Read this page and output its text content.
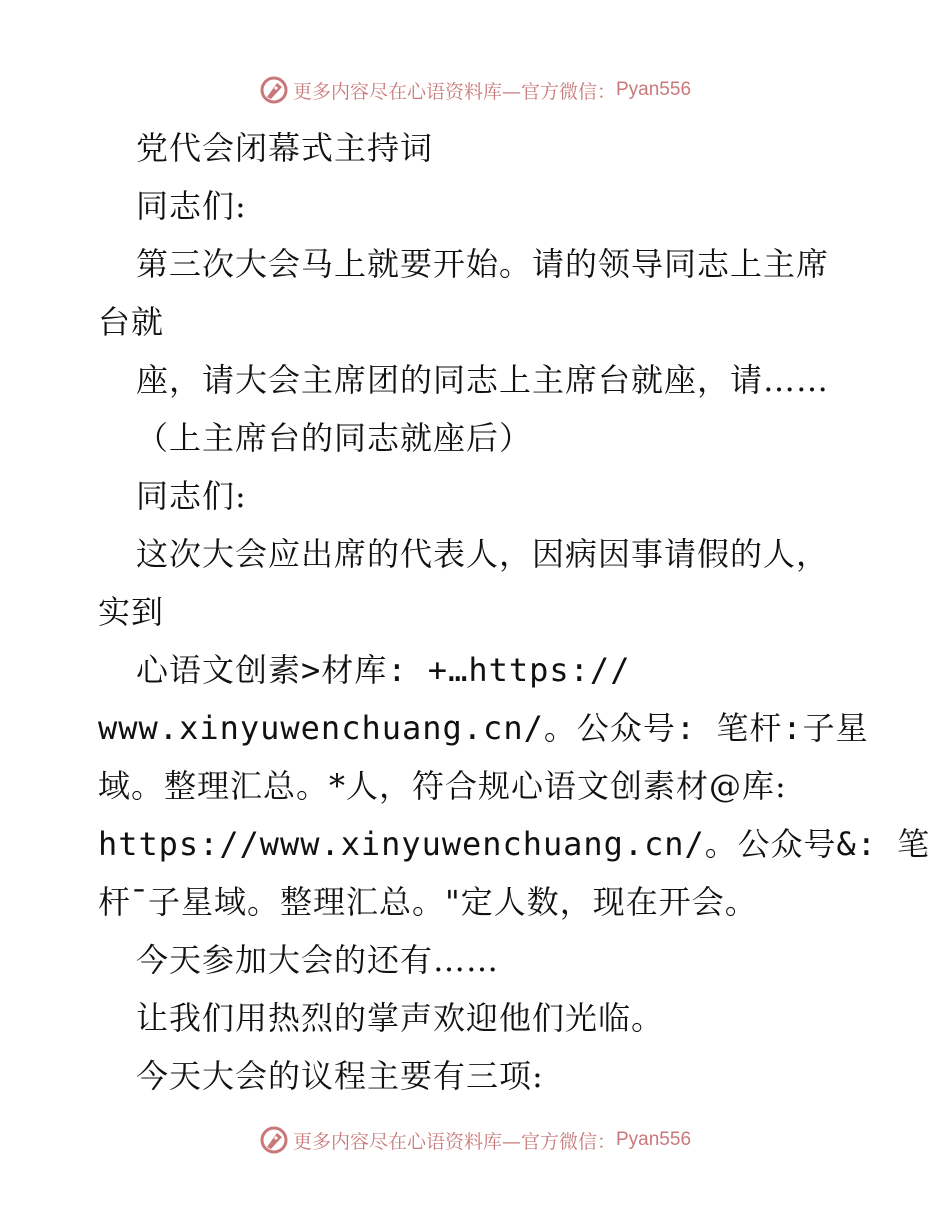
更多内容尽在心语资料库—官方微信： Pyan556
党代会闭幕式主持词
同志们:
第三次大会马上就要开始。请的领导同志上主席
台就
座，请大会主席团的同志上主席台就座，请……
（上主席台的同志就座后）
同志们:
这次大会应出席的代表人，因病因事请假的人，
实到
心语文创素>材库: +…https://
www.xinyuwenchuang.cn/。公众号: 笔杆:子星
域。整理汇总。*人，符合规心语文创素材@库:
https://www.xinyuwenchuang.cn/。公众号&: 笔
杆¯子星域。整理汇总。"定人数，现在开会。
今天参加大会的还有……
让我们用热烈的掌声欢迎他们光临。
今天大会的议程主要有三项:
更多内容尽在心语资料库—官方微信： Pyan556
